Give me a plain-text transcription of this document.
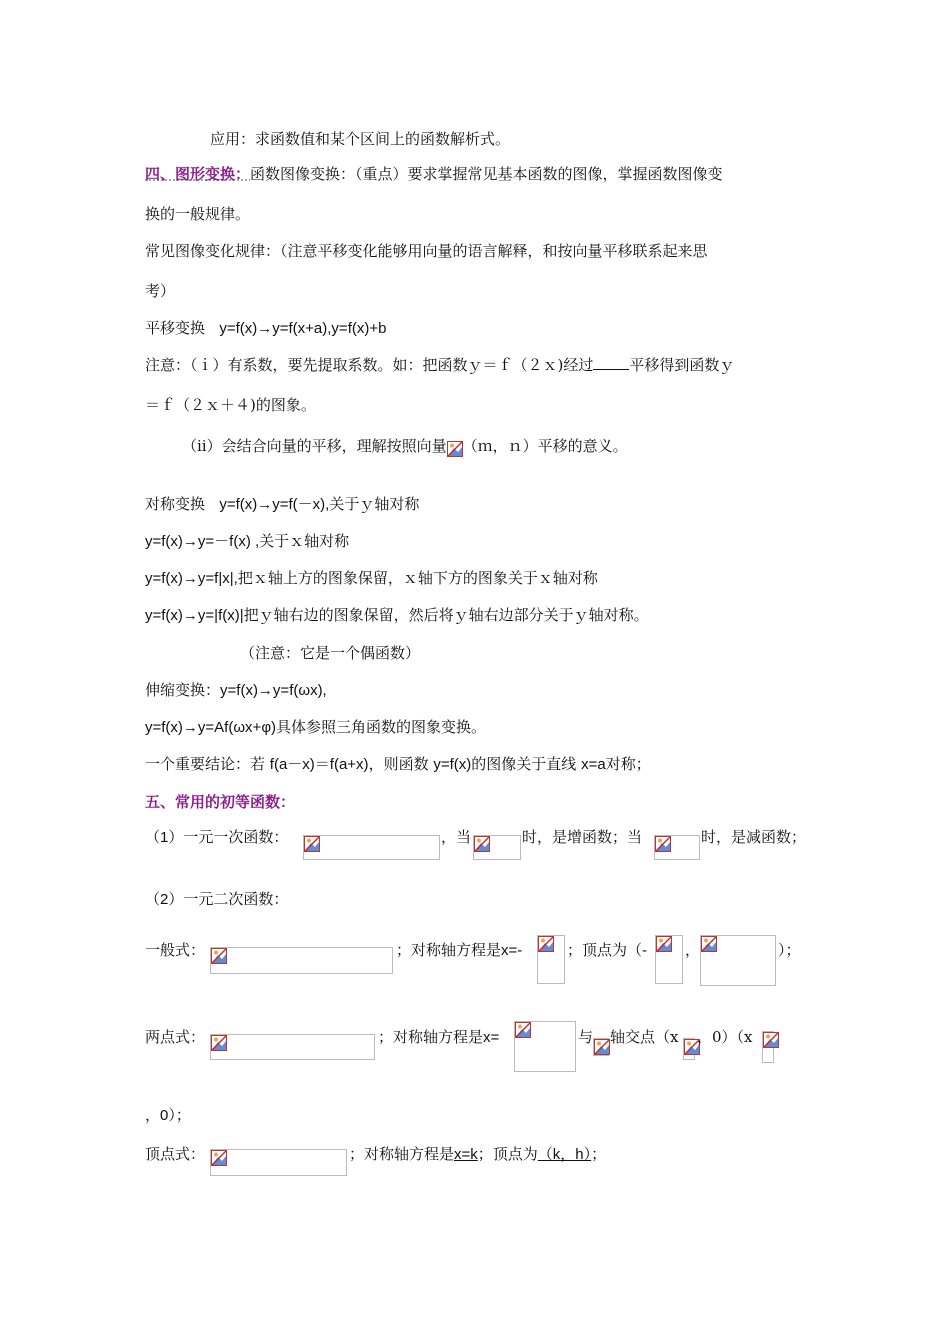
应用：求函数值和某个区间上的函数解析式。
四、图形变换：函数图像变换：（重点）要求掌握常见基本函数的图像，掌握函数图像变
换的一般规律。
常见图像变化规律：（注意平移变化能够用向量的语言解释，和按向量平移联系起来思
考）
平移变换 y=f(x)→y=f(x+a),y=f(x)+b
注意：（ｉ）有系数，要先提取系数。如：把函数ｙ＝ｆ（２ｘ)经过 平移得到函数ｙ
＝ｆ（２ｘ＋４)的图象。
（ii）会结合向量的平移，理解按照向量 （ｍ，ｎ）平移的意义。
对称变换 y=f(x)→y=f(－x),关于ｙ轴对称
y=f(x)→y=－f(x) ,关于ｘ轴对称
y=f(x)→y=f|x|,把ｘ轴上方的图象保留，ｘ轴下方的图象关于ｘ轴对称
y=f(x)→y=|f(x)|把ｙ轴右边的图象保留，然后将ｙ轴右边部分关于ｙ轴对称。
（注意：它是一个偶函数）
伸缩变换：y=f(x)→y=f(ωx),
y=f(x)→y=Af(ωx+φ)具体参照三角函数的图象变换。
一个重要结论：若 f(a－x)＝f(a+x)，则函数 y=f(x)的图像关于直线 x=a对称；
五、常用的初等函数：
（1）一元一次函数：	，当	时，是增函数；当	时，是减函数；
（2）一元二次函数：
一般式：	；对称轴方程是x=-	；顶点为（-	，	）；
两点式：	；对称轴方程是x=	与 轴交点（x ，0）（x
，0）；
顶点式：	；对称轴方程是x=k；顶点为（k，h）；
